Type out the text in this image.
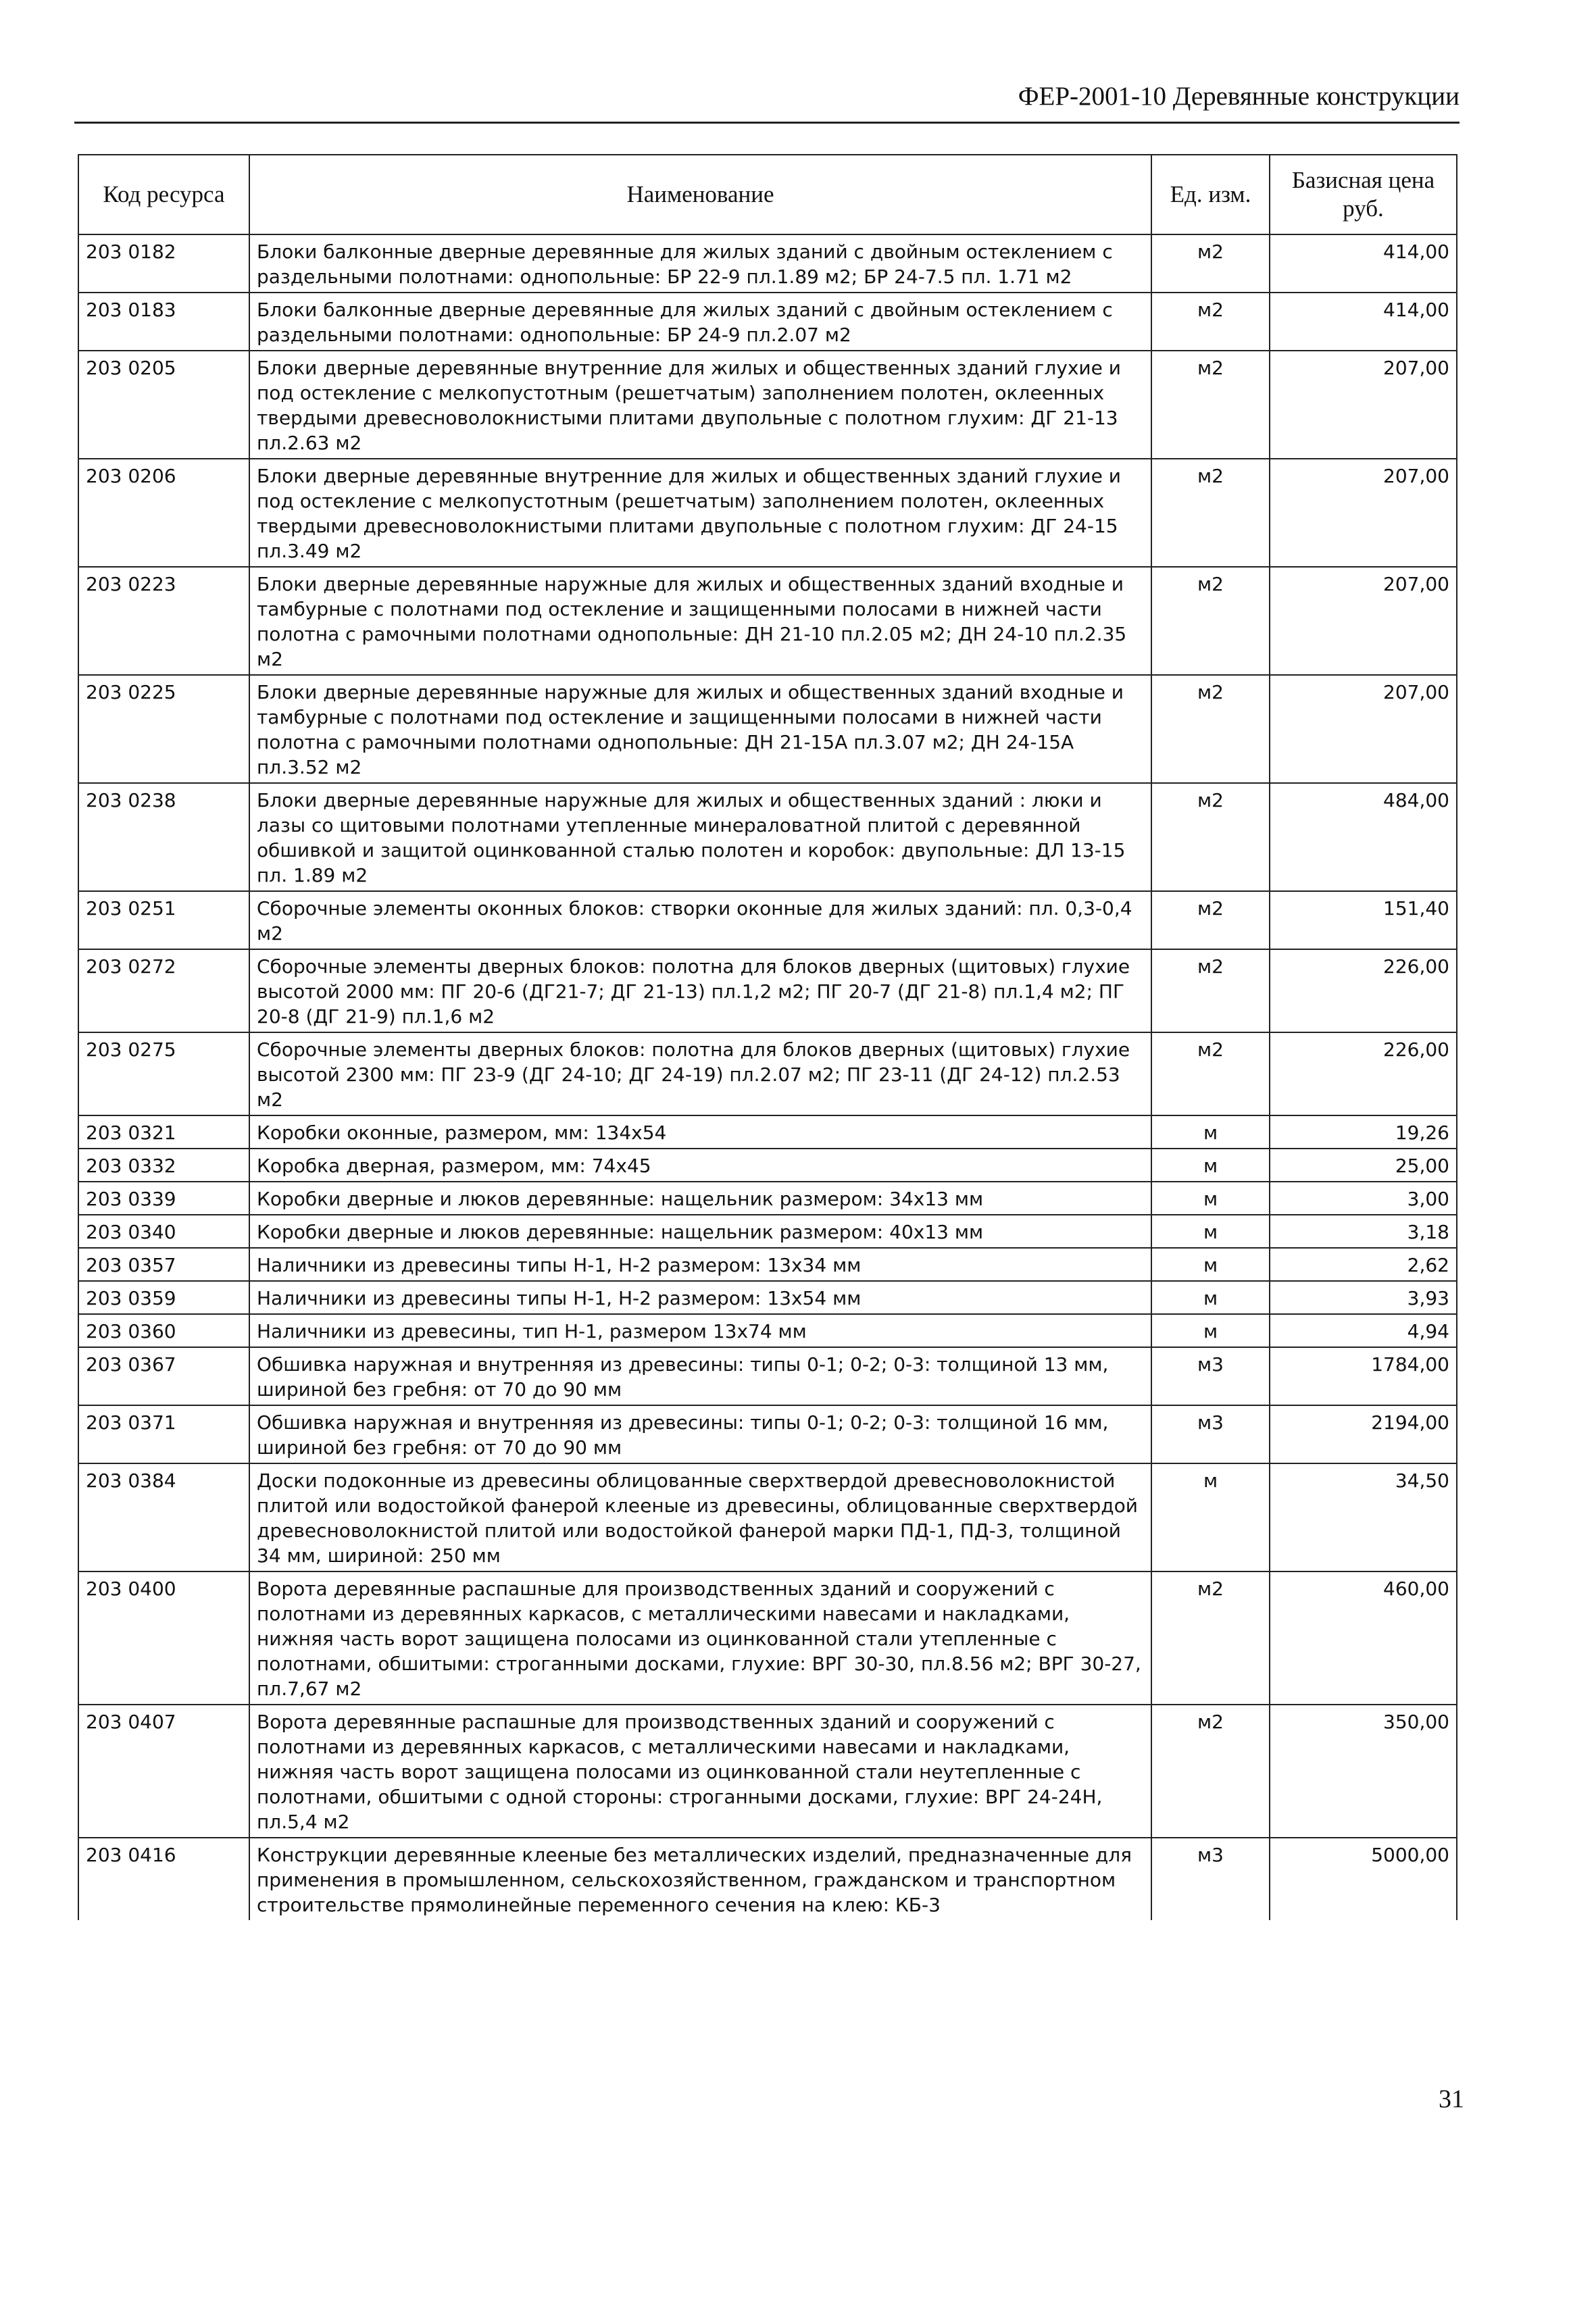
ФЕР-2001-10 Деревянные конструкции
Код ресурса	Наименование	Ед. изм.	Базисная цена руб.
203 0182	Блоки балконные дверные деревянные для жилых зданий с двойным остеклением с раздельными полотнами: однопольные: БР 22-9 пл.1.89 м2; БР 24-7.5 пл. 1.71 м2	м2	414,00
203 0183	Блоки балконные дверные деревянные для жилых зданий с двойным остеклением с раздельными полотнами: однопольные: БР 24-9 пл.2.07 м2	м2	414,00
203 0205	Блоки дверные деревянные внутренние для жилых и общественных зданий глухие и под остекление с мелкопустотным (решетчатым) заполнением полотен, оклеенных твердыми древесноволокнистыми плитами двупольные с полотном глухим: ДГ 21-13 пл.2.63 м2	м2	207,00
203 0206	Блоки дверные деревянные внутренние для жилых и общественных зданий глухие и под остекление с мелкопустотным (решетчатым) заполнением полотен, оклеенных твердыми древесноволокнистыми плитами двупольные с полотном глухим: ДГ 24-15 пл.3.49 м2	м2	207,00
203 0223	Блоки дверные деревянные наружные для жилых и общественных зданий входные и тамбурные с полотнами под остекление и защищенными полосами в нижней части полотна с рамочными полотнами однопольные: ДН 21-10 пл.2.05 м2; ДН 24-10 пл.2.35 м2	м2	207,00
203 0225	Блоки дверные деревянные наружные для жилых и общественных зданий входные и тамбурные с полотнами под остекление и защищенными полосами в нижней части полотна с рамочными полотнами однопольные: ДН 21-15А пл.3.07 м2; ДН 24-15А пл.3.52 м2	м2	207,00
203 0238	Блоки дверные деревянные наружные для жилых и общественных зданий : люки и лазы со щитовыми полотнами утепленные минераловатной плитой с деревянной обшивкой и защитой оцинкованной сталью полотен и коробок: двупольные: ДЛ 13-15 пл. 1.89 м2	м2	484,00
203 0251	Сборочные элементы оконных блоков: створки оконные для жилых зданий: пл. 0,3-0,4 м2	м2	151,40
203 0272	Сборочные элементы дверных блоков: полотна для блоков дверных (щитовых) глухие высотой 2000 мм: ПГ 20-6 (ДГ21-7; ДГ 21-13) пл.1,2 м2; ПГ 20-7 (ДГ 21-8) пл.1,4 м2; ПГ 20-8 (ДГ 21-9) пл.1,6 м2	м2	226,00
203 0275	Сборочные элементы дверных блоков: полотна для блоков дверных (щитовых) глухие высотой 2300 мм: ПГ 23-9 (ДГ 24-10; ДГ 24-19) пл.2.07 м2; ПГ 23-11 (ДГ 24-12) пл.2.53 м2	м2	226,00
203 0321	Коробки оконные, размером, мм: 134x54	м	19,26
203 0332	Коробка дверная, размером, мм: 74x45	м	25,00
203 0339	Коробки дверные и люков деревянные: нащельник размером: 34x13 мм	м	3,00
203 0340	Коробки дверные и люков деревянные: нащельник размером: 40x13 мм	м	3,18
203 0357	Наличники из древесины типы Н-1, Н-2 размером: 13x34 мм	м	2,62
203 0359	Наличники из древесины типы Н-1, Н-2 размером: 13x54 мм	м	3,93
203 0360	Наличники из древесины, тип Н-1, размером 13x74 мм	м	4,94
203 0367	Обшивка наружная и внутренняя из древесины: типы 0-1; 0-2; 0-3: толщиной 13 мм, шириной без гребня: от 70 до 90 мм	м3	1784,00
203 0371	Обшивка наружная и внутренняя из древесины: типы 0-1; 0-2; 0-3: толщиной 16 мм, шириной без гребня: от 70 до 90 мм	м3	2194,00
203 0384	Доски подоконные из древесины облицованные сверхтвердой древесноволокнистой плитой или водостойкой фанерой клееные из древесины, облицованные сверхтвердой древесноволокнистой плитой или водостойкой фанерой марки ПД-1, ПД-3, толщиной 34 мм, шириной: 250 мм	м	34,50
203 0400	Ворота деревянные распашные для производственных зданий и сооружений с полотнами из деревянных каркасов, с металлическими навесами и накладками, нижняя часть ворот защищена полосами из оцинкованной стали утепленные с полотнами, обшитыми: строганными досками, глухие: ВРГ 30-30, пл.8.56 м2; ВРГ 30-27, пл.7,67 м2	м2	460,00
203 0407	Ворота деревянные распашные для производственных зданий и сооружений с полотнами из деревянных каркасов, с металлическими навесами и накладками, нижняя часть ворот защищена полосами из оцинкованной стали неутепленные с полотнами, обшитыми с одной стороны: строганными досками, глухие: ВРГ 24-24Н, пл.5,4 м2	м2	350,00
203 0416	Конструкции деревянные клееные без металлических изделий, предназначенные для применения в промышленном, сельскохозяйственном, гражданском и транспортном строительстве прямолинейные переменного сечения на клею: КБ-3	м3	5000,00
31
